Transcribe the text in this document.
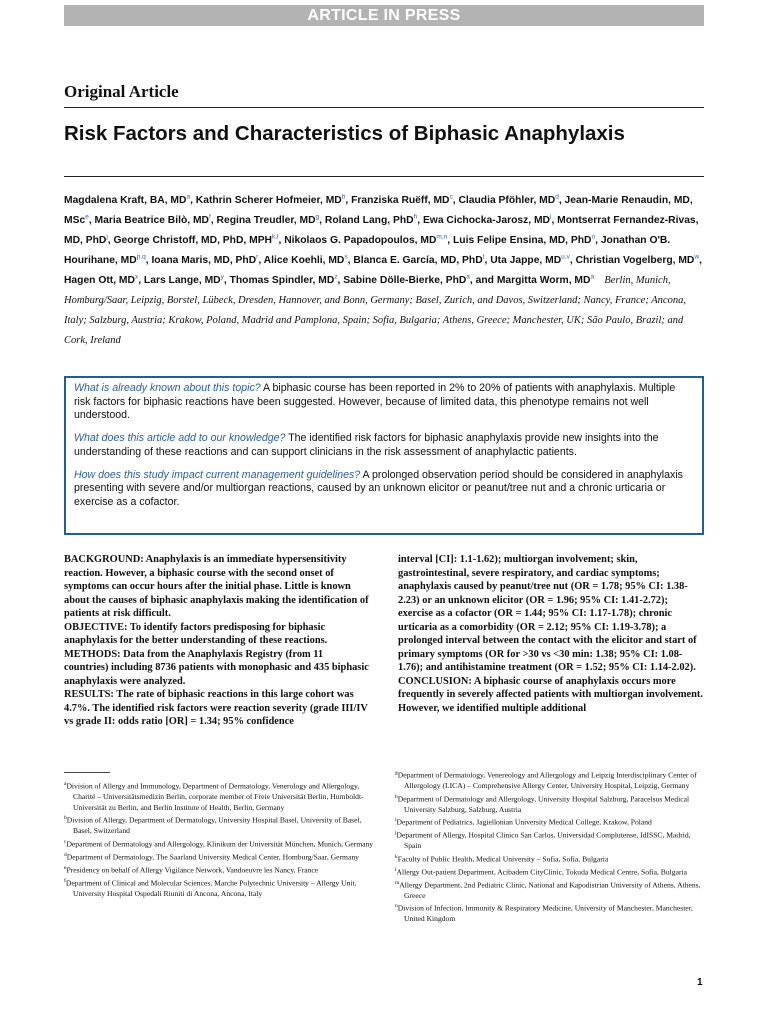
ARTICLE IN PRESS
Original Article
Risk Factors and Characteristics of Biphasic Anaphylaxis
Magdalena Kraft, BA, $MD^a$, Kathrin Scherer Hofmeier, $MD^b$, Franziska Ruëff, $MD^c$, Claudia Pföhler, $MD^d$, Jean-Marie Renaudin, MD, MSc$^e$, Maria Beatrice Bilò, $MD^f$, Regina Treudler, $MD^g$, Roland Lang, PhD$^h$, Ewa Cichocka-Jarosz, $MD^i$, Montserrat Fernandez-Rivas, MD, PhD$^j$, George Christoff, MD, PhD, MPH$^{k,l}$, Nikolaos G. Papadopoulos, MD$^{m,n}$, Luis Felipe Ensina, MD, PhD$^o$, Jonathan O'B. Hourihane, MD$^{p,q}$, Ioana Maris, MD, PhD$^r$, Alice Koehli, $MD^s$, Blanca E. García, MD, PhD$^t$, Uta Jappe, MD$^{u,v}$, Christian Vogelberg, $MD^w$, Hagen Ott, $MD^x$, Lars Lange, $MD^y$, Thomas Spindler, $MD^z$, Sabine Dölle-Bierke, PhD$^a$, and Margitta Worm, $MD^a$  Berlin, Munich, Homburg/Saar, Leipzig, Borstel, Lübeck, Dresden, Hannover, and Bonn, Germany; Basel, Zurich, and Davos, Switzerland; Nancy, France; Ancona, Italy; Salzburg, Austria; Krakow, Poland, Madrid and Pamplona, Spain; Sofia, Bulgaria; Athens, Greece; Manchester, UK; São Paulo, Brazil; and Cork, Ireland

What is already known about this topic? A biphasic course has been reported in 2% to 20% of patients with anaphylaxis. Multiple risk factors for biphasic reactions have been suggested. However, because of limited data, this phenotype remains not well understood.

What does this article add to our knowledge? The identified risk factors for biphasic anaphylaxis provide new insights into the understanding of these reactions and can support clinicians in the risk assessment of anaphylactic patients.

How does this study impact current management guidelines? A prolonged observation period should be considered in anaphylaxis presenting with severe and/or multiorgan reactions, caused by an unknown elicitor or peanut/tree nut and a chronic urticaria or exercise as a cofactor.

BACKGROUND: Anaphylaxis is an immediate hypersensitivity reaction. However, a biphasic course with the second onset of symptoms can occur hours after the initial phase. Little is known about the causes of biphasic anaphylaxis making the identification of patients at risk difficult.

OBJECTIVE: To identify factors predisposing for biphasic anaphylaxis for the better understanding of these reactions.

METHODS: Data from the Anaphylaxis Registry (from 11 countries) including 8736 patients with monophasic and 435 biphasic anaphylaxis were analyzed.

RESULTS: The rate of biphasic reactions in this large cohort was 4.7%. The identified risk factors were reaction severity (grade III/IV vs grade II: odds ratio [OR] = 1.34; 95% confidence

interval [CI]: 1.1-1.62); multiorgan involvement; skin, gastrointestinal, severe respiratory, and cardiac symptoms; anaphylaxis caused by peanut/tree nut (OR = 1.78; 95% CI: 1.38-2.23) or an unknown elicitor (OR = 1.96; 95% CI: 1.41-2.72); exercise as a cofactor (OR = 1.44; 95% CI: 1.17-1.78); chronic urticaria as a comorbidity (OR = 2.12; 95% CI: 1.19-3.78); a prolonged interval between the contact with the elicitor and start of primary symptoms (OR for >30 vs <30 min: 1.38; 95% CI: 1.08-1.76); and antihistamine treatment (OR = 1.52; 95% CI: 1.14-2.02).

CONCLUSION: A biphasic course of anaphylaxis occurs more frequently in severely affected patients with multiorgan involvement. However, we identified multiple additional

$^a$Division of Allergy and Immunology, Department of Dermatology, Venerology and Allergology, Charité – Universitätsmedizin Berlin, corporate member of Freie Universität Berlin, Humboldt-Universität zu Berlin, and Berlin Institute of Health, Berlin, Germany

$^b$Division of Allergy, Department of Dermatology, University Hospital Basel, University of Basel, Basel, Switzerland

$^c$Department of Dermatology and Allergology, Klinikum der Universität München, Munich, Germany

$^d$Department of Dermatology, The Saarland University Medical Center, Homburg/Saar, Germany

$^e$Presidency on behalf of Allergy Vigilance Network, Vandoeuvre les Nancy, France

$^f$Department of Clinical and Molecular Sciences, Marche Polytechnic University – Allergy Unit, University Hospital Ospedali Riuniti di Ancona, Ancona, Italy

$^g$Department of Dermatology, Venereology and Allergology and Leipzig Interdisciplinary Center of Allergology (LICA) – Comprehensive Allergy Center, University Hospital, Leipzig, Germany

$^h$Department of Dermatology and Allergology, University Hospital Salzburg, Paracelsus Medical University Salzburg, Salzburg, Austria

$^i$Department of Pediatrics, Jagiellonian University Medical College, Krakow, Poland

$^j$Department of Allergy, Hospital Clinico San Carlos, Universidad Complutense, IdISSC, Madrid, Spain

$^k$Faculty of Public Health, Medical University – Sofia, Sofia, Bulgaria

$^l$Allergy Out-patient Department, Acibadem CityClinic, Tokuda Medical Centre, Sofia, Bulgaria

$^m$Allergy Department, 2nd Pediatric Clinic, National and Kapodistrian University of Athens, Athens, Greece

$^n$Division of Infection, Immunity & Respiratory Medicine, University of Manchester, Manchester, United Kingdom

1
